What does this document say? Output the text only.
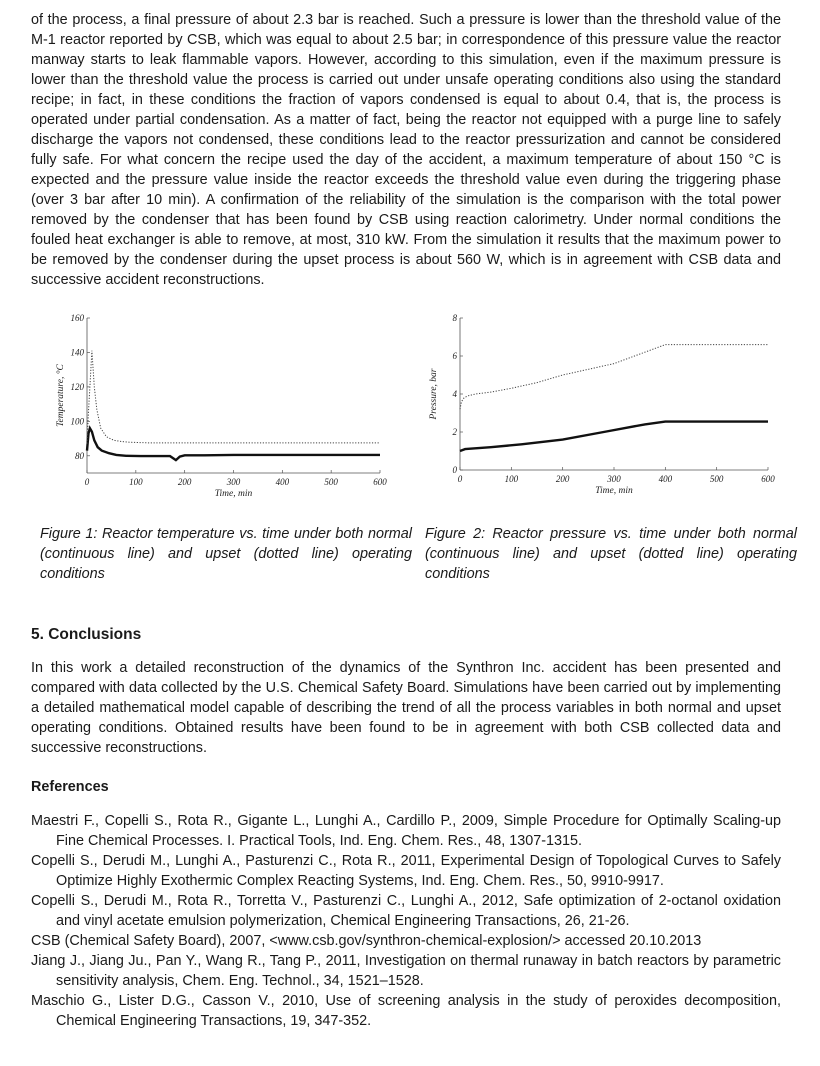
of the process, a final pressure of about 2.3 bar is reached. Such a pressure is lower than the threshold value of the M-1 reactor reported by CSB, which was equal to about 2.5 bar; in correspondence of this pressure value the reactor manway starts to leak flammable vapors. However, according to this simulation, even if the maximum pressure is lower than the threshold value the process is carried out under unsafe operating conditions also using the standard recipe; in fact, in these conditions the fraction of vapors condensed is equal to about 0.4, that is, the process is operated under partial condensation. As a matter of fact, being the reactor not equipped with a purge line to safely discharge the vapors not condensed, these conditions lead to the reactor pressurization and cannot be considered fully safe. For what concern the recipe used the day of the accident, a maximum temperature of about 150 °C is expected and the pressure value inside the reactor exceeds the threshold value even during the triggering phase (over 3 bar after 10 min). A confirmation of the reliability of the simulation is the comparison with the total power removed by the condenser that has been found by CSB using reaction calorimetry. Under normal conditions the fouled heat exchanger is able to remove, at most, 310 kW. From the simulation it results that the maximum power to be removed by the condenser during the upset process is about 560 W, which is in agreement with CSB data and successive accident reconstructions.

0	100	200	300	400	500	600
80
100
120
140
160
Time, min
Temperature, °C
0	100	200	300	400	500	600
0
2
4
6
8
Time, min
Pressure, bar

Figure 1: Reactor temperature vs. time under both normal (continuous line) and upset (dotted line) operating conditions

Figure 2: Reactor pressure vs. time under both normal (continuous line) and upset (dotted line) operating conditions

5. Conclusions

In this work a detailed reconstruction of the dynamics of the Synthron Inc. accident has been presented and compared with data collected by the U.S. Chemical Safety Board. Simulations have been carried out by implementing a detailed mathematical model capable of describing the trend of all the process variables in both normal and upset operating conditions. Obtained results have been found to be in agreement with both CSB collected data and successive reconstructions.

References
Maestri F., Copelli S., Rota R., Gigante L., Lunghi A., Cardillo P., 2009, Simple Procedure for Optimally Scaling-up Fine Chemical Processes. I. Practical Tools, Ind. Eng. Chem. Res., 48, 1307-1315.
Copelli S., Derudi M., Lunghi A., Pasturenzi C., Rota R., 2011, Experimental Design of Topological Curves to Safely Optimize Highly Exothermic Complex Reacting Systems, Ind. Eng. Chem. Res., 50, 9910-9917.
Copelli S., Derudi M., Rota R., Torretta V., Pasturenzi C., Lunghi A., 2012, Safe optimization of 2-octanol oxidation and vinyl acetate emulsion polymerization, Chemical Engineering Transactions, 26, 21-26.
CSB (Chemical Safety Board), 2007, <www.csb.gov/synthron-chemical-explosion/> accessed 20.10.2013
Jiang J., Jiang Ju., Pan Y., Wang R., Tang P., 2011, Investigation on thermal runaway in batch reactors by parametric sensitivity analysis, Chem. Eng. Technol., 34, 1521–1528.
Maschio G., Lister D.G., Casson V., 2010, Use of screening analysis in the study of peroxides decomposition, Chemical Engineering Transactions, 19, 347-352.
